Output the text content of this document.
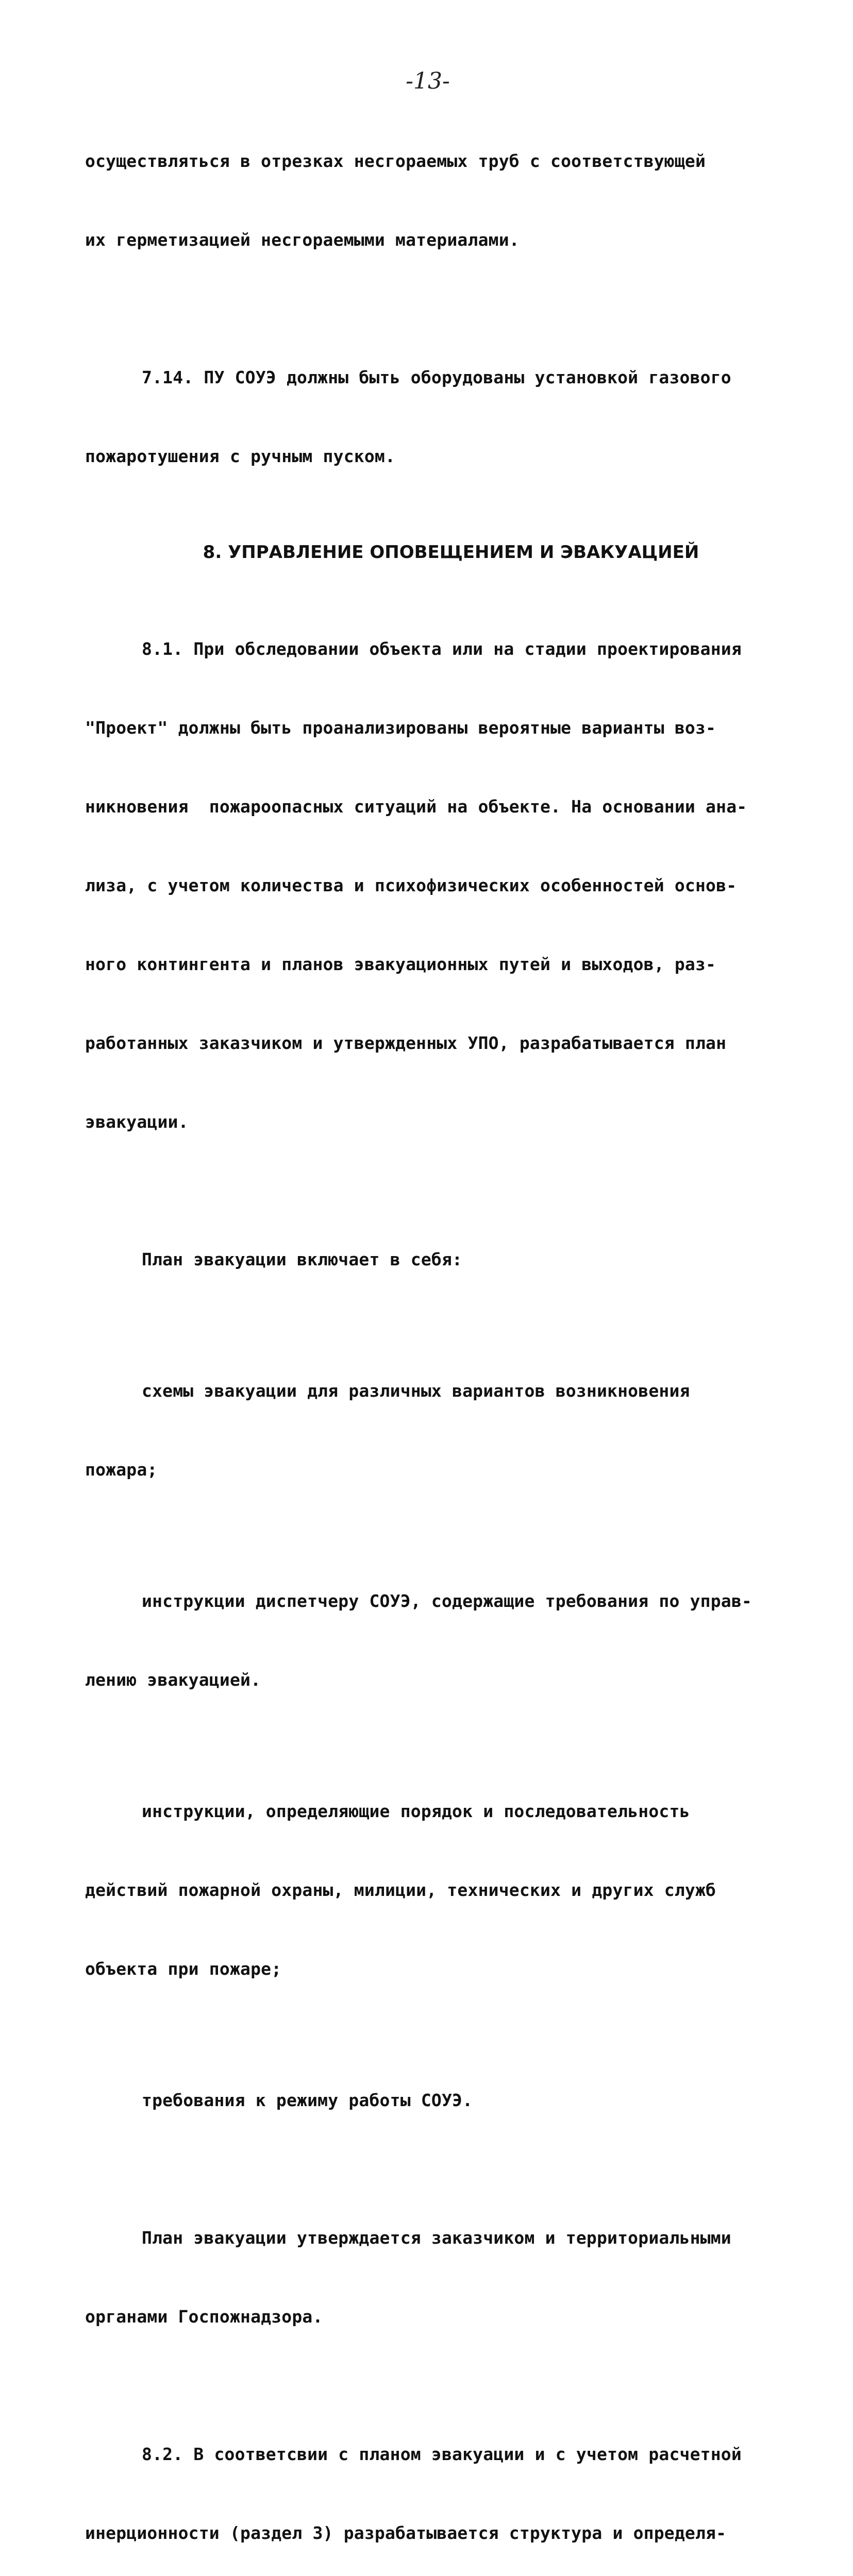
-13-

осуществляться в отрезках несгораемых труб с соответствующей

их герметизацией несгораемыми материалами.

7.14. ПУ СОУЭ должны быть оборудованы установкой газового

пожаротушения с ручным пуском.

8. УПРАВЛЕНИЕ ОПОВЕЩЕНИЕМ И ЭВАКУАЦИЕЙ

8.1. При обследовании объекта или на стадии проектирования

"Проект" должны быть проанализированы вероятные варианты воз-

никновения  пожароопасных ситуаций на объекте. На основании ана-

лиза, с учетом количества и психофизических особенностей основ-

ного контингента и планов эвакуационных путей и выходов, раз-

работанных заказчиком и утвержденных УПО, разрабатывается план

эвакуации.

План эвакуации включает в себя:

схемы эвакуации для различных вариантов возникновения

пожара;

инструкции диспетчеру СОУЭ, содержащие требования по управ-

лению эвакуацией.

инструкции, определяющие порядок и последовательность

действий пожарной охраны, милиции, технических и других служб

объекта при пожаре;

требования к режиму работы СОУЭ.

План эвакуации утверждается заказчиком и территориальными

органами Госпожнадзора.

8.2. В соответсвии с планом эвакуации и с учетом расчетной

инерционности (раздел 3) разрабатывается структура и определя-
